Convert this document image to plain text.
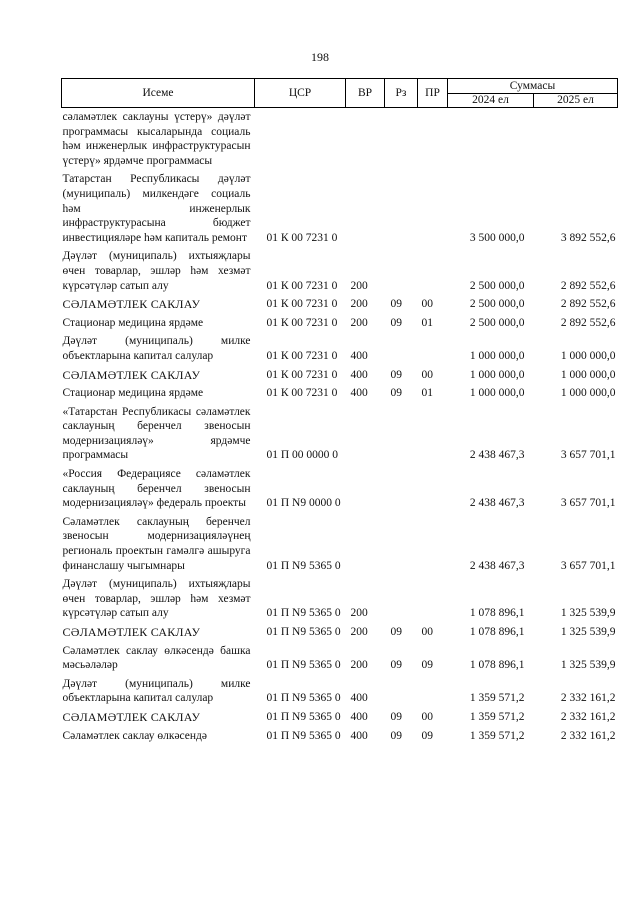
198
Исеме	ЦСР	ВР	Рз	ПР	Суммасы	
					2024 ел	2025 ел
сәламәтлек саклауны үстерү» дәүләт программасы кысаларында социаль һәм инженерлык инфраструктурасын үстерү» ярдәмче программасы						
Татарстан Республикасы дәүләт (муниципаль) милкендәге социаль һәм инженерлык инфраструктурасына бюджет инвестицияләре һәм капиталь ремонт	01 К 00 7231 0				3 500 000,0	3 892 552,6
Дәүләт (муниципаль) ихтыяҗлары өчен товарлар, эшләр һәм хезмәт күрсәтүләр сатып алу	01 К 00 7231 0	200			2 500 000,0	2 892 552,6
СӘЛАМӘТЛЕК САКЛАУ	01 К 00 7231 0	200	09	00	2 500 000,0	2 892 552,6
Стационар медицина ярдәме	01 К 00 7231 0	200	09	01	2 500 000,0	2 892 552,6
Дәүләт (муниципаль) милке объектларына капитал салулар	01 К 00 7231 0	400			1 000 000,0	1 000 000,0
СӘЛАМӘТЛЕК САКЛАУ	01 К 00 7231 0	400	09	00	1 000 000,0	1 000 000,0
Стационар медицина ярдәме	01 К 00 7231 0	400	09	01	1 000 000,0	1 000 000,0
«Татарстан Республикасы сәламәтлек саклауның беренчел звеносын модернизацияләү» ярдәмче программасы	01 П 00 0000 0				2 438 467,3	3 657 701,1
«Россия Федерациясе сәламәтлек саклауның беренчел звеносын модернизацияләү» федераль проекты	01 П N9 0000 0				2 438 467,3	3 657 701,1
Сәламәтлек саклауның беренчел звеносын модернизацияләүнең региональ проектын гамәлгә ашыруга финанслашу чыгымнары	01 П N9 5365 0				2 438 467,3	3 657 701,1
Дәүләт (муниципаль) ихтыяҗлары өчен товарлар, эшләр һәм хезмәт күрсәтүләр сатып алу	01 П N9 5365 0	200			1 078 896,1	1 325 539,9
СӘЛАМӘТЛЕК САКЛАУ	01 П N9 5365 0	200	09	00	1 078 896,1	1 325 539,9
Сәламәтлек саклау өлкәсендә башка мәсьәләләр	01 П N9 5365 0	200	09	09	1 078 896,1	1 325 539,9
Дәүләт (муниципаль) милке объектларына капитал салулар	01 П N9 5365 0	400			1 359 571,2	2 332 161,2
СӘЛАМӘТЛЕК САКЛАУ	01 П N9 5365 0	400	09	00	1 359 571,2	2 332 161,2
Сәламәтлек саклау өлкәсендә	01 П N9 5365 0	400	09	09	1 359 571,2	2 332 161,2
